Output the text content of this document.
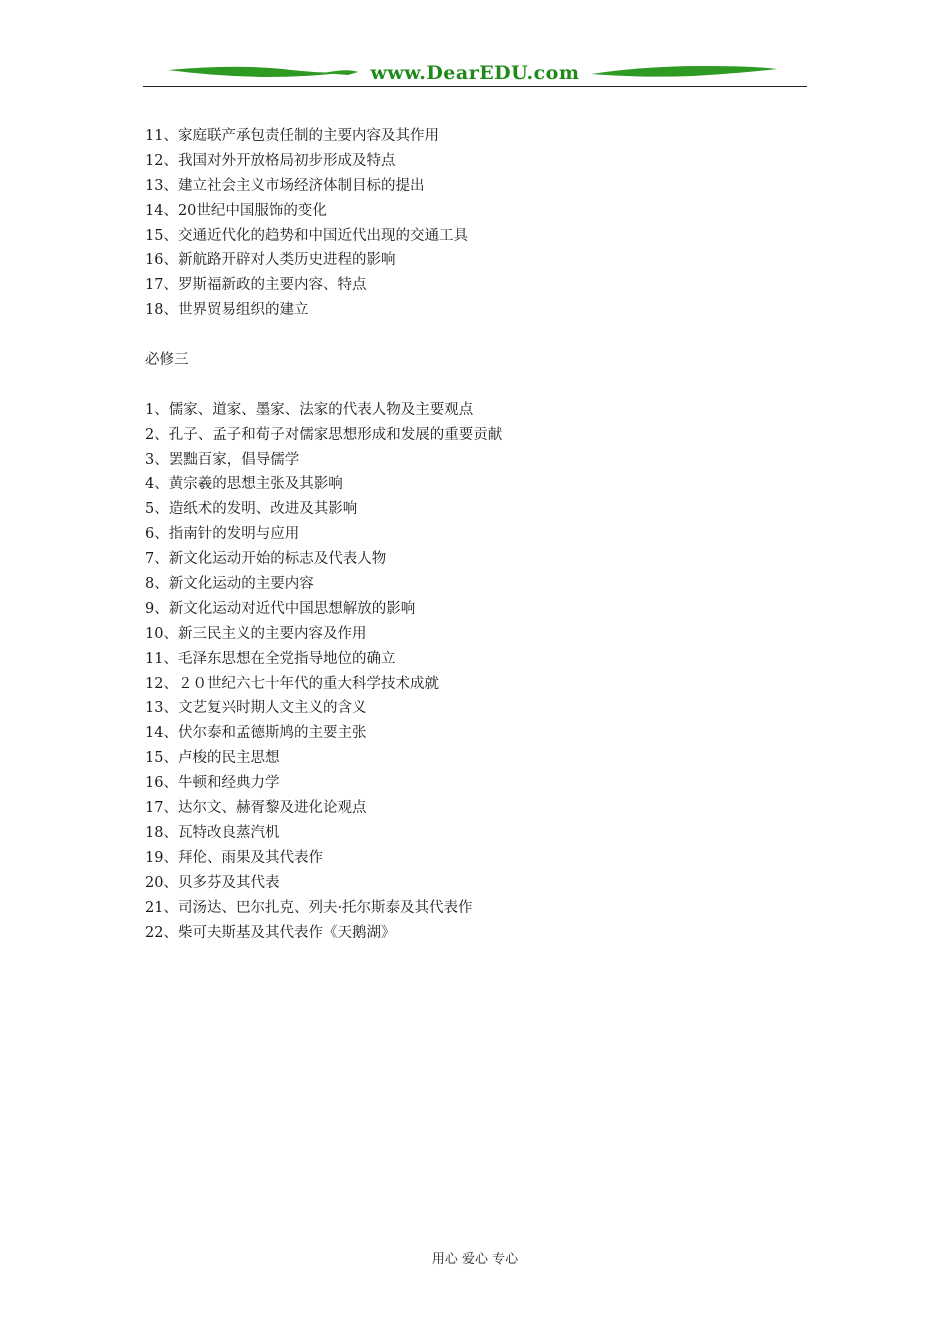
www.DearEDU.com
11、家庭联产承包责任制的主要内容及其作用
12、我国对外开放格局初步形成及特点
13、建立社会主义市场经济体制目标的提出
14、20世纪中国服饰的变化
15、交通近代化的趋势和中国近代出现的交通工具
16、新航路开辟对人类历史进程的影响
17、罗斯福新政的主要内容、特点
18、世界贸易组织的建立
必修三
1、儒家、道家、墨家、法家的代表人物及主要观点
2、孔子、孟子和荀子对儒家思想形成和发展的重要贡献
3、罢黜百家，倡导儒学
4、黄宗羲的思想主张及其影响
5、造纸术的发明、改进及其影响
6、指南针的发明与应用
7、新文化运动开始的标志及代表人物
8、新文化运动的主要内容
9、新文化运动对近代中国思想解放的影响
10、新三民主义的主要内容及作用
11、毛泽东思想在全党指导地位的确立
12、２０世纪六七十年代的重大科学技术成就
13、文艺复兴时期人文主义的含义
14、伏尔泰和孟德斯鸠的主要主张
15、卢梭的民主思想
16、牛顿和经典力学
17、达尔文、赫胥黎及进化论观点
18、瓦特改良蒸汽机
19、拜伦、雨果及其代表作
20、贝多芬及其代表
21、司汤达、巴尔扎克、列夫·托尔斯泰及其代表作
22、柴可夫斯基及其代表作《天鹅湖》
用心 爱心 专心
